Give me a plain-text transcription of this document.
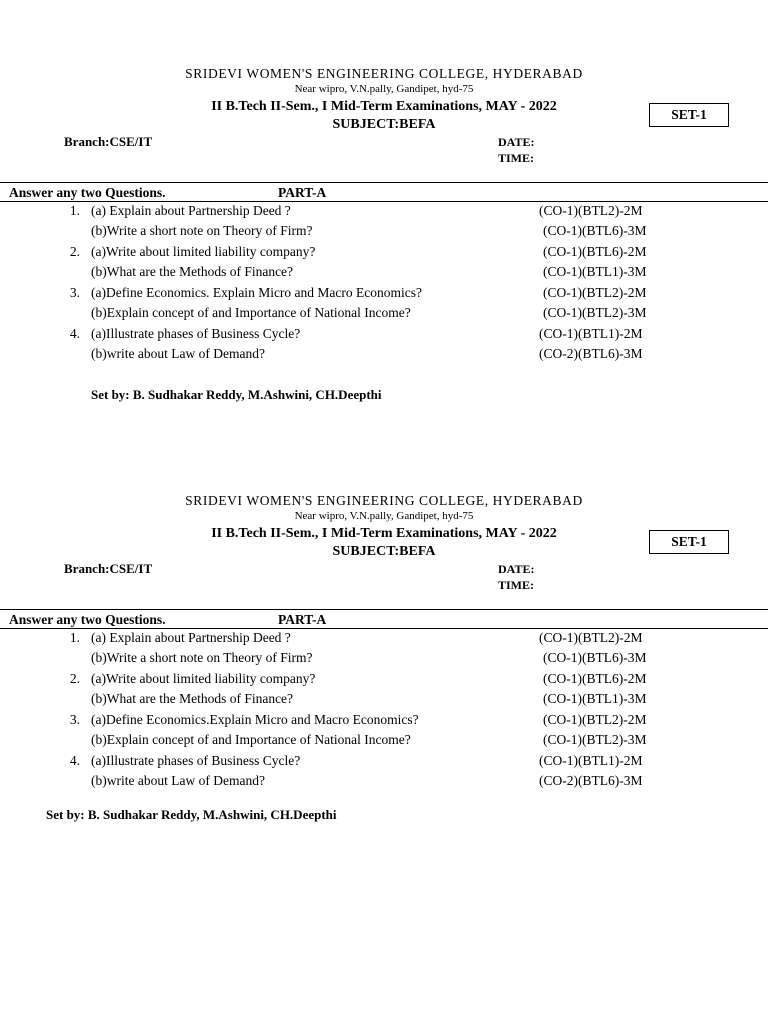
SRIDEVI WOMEN'S ENGINEERING COLLEGE, HYDERABAD
Near wipro, V.N.pally, Gandipet, hyd-75
II B.Tech II-Sem., I Mid-Term Examinations, MAY - 2022
SUBJECT:BEFA
SET-1
Branch:CSE/IT	DATE:
TIME:
Answer any two Questions.	PART-A
1. (a) Explain about Partnership Deed ?	(CO-1)(BTL2)-2M
(b)Write a short note on Theory of Firm?	(CO-1)(BTL6)-3M
2. (a)Write about limited liability company?	(CO-1)(BTL6)-2M
(b)What are the Methods of Finance?	(CO-1)(BTL1)-3M
3. (a)Define Economics. Explain Micro and Macro Economics?	(CO-1)(BTL2)-2M
(b)Explain concept of and Importance of National Income?	(CO-1)(BTL2)-3M
4. (a)Illustrate phases of Business Cycle?	(CO-1)(BTL1)-2M
(b)write about Law of Demand?	(CO-2)(BTL6)-3M
Set by: B. Sudhakar Reddy, M.Ashwini, CH.Deepthi
SRIDEVI WOMEN'S ENGINEERING COLLEGE, HYDERABAD
Near wipro, V.N.pally, Gandipet, hyd-75
II B.Tech II-Sem., I Mid-Term Examinations, MAY - 2022
SUBJECT:BEFA
SET-1
Branch:CSE/IT	DATE:
TIME:
Answer any two Questions.	PART-A
1. (a) Explain about Partnership Deed ?	(CO-1)(BTL2)-2M
(b)Write a short note on Theory of Firm?	(CO-1)(BTL6)-3M
2. (a)Write about limited liability company?	(CO-1)(BTL6)-2M
(b)What are the Methods of Finance?	(CO-1)(BTL1)-3M
3. (a)Define Economics.Explain Micro and Macro Economics?	(CO-1)(BTL2)-2M
(b)Explain concept of and Importance of National Income?	(CO-1)(BTL2)-3M
4. (a)Illustrate phases of Business Cycle?	(CO-1)(BTL1)-2M
(b)write about Law of Demand?	(CO-2)(BTL6)-3M
Set by: B. Sudhakar Reddy, M.Ashwini, CH.Deepthi
